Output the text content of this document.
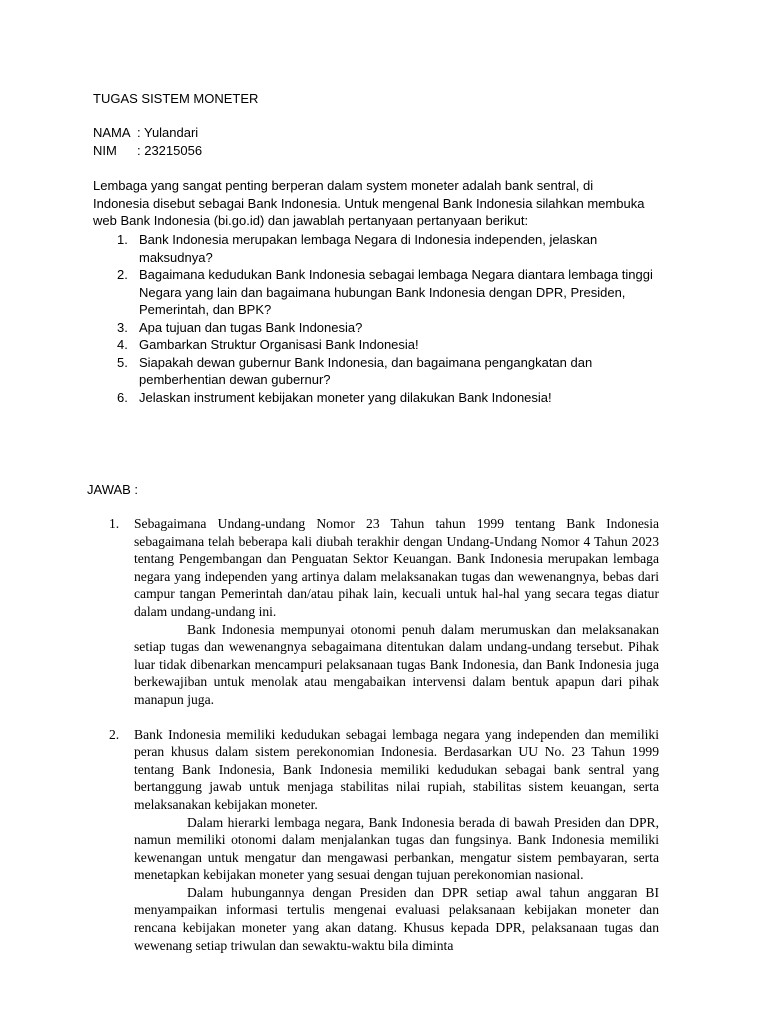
TUGAS SISTEM MONETER
NAMA : Yulandari
NIM	: 23215056

Lembaga yang sangat penting berperan dalam system moneter adalah bank sentral, di Indonesia disebut sebagai Bank Indonesia. Untuk mengenal Bank Indonesia silahkan membuka web Bank Indonesia (bi.go.id) dan jawablah pertanyaan pertanyaan berikut:

1. Bank Indonesia merupakan lembaga Negara di Indonesia independen, jelaskan maksudnya?
2. Bagaimana kedudukan Bank Indonesia sebagai lembaga Negara diantara lembaga tinggi Negara yang lain dan bagaimana hubungan Bank Indonesia dengan DPR, Presiden, Pemerintah, dan BPK?
3. Apa tujuan dan tugas Bank Indonesia?
4. Gambarkan Struktur Organisasi Bank Indonesia!
5. Siapakah dewan gubernur Bank Indonesia, dan bagaimana pengangkatan dan pemberhentian dewan gubernur?
6. Jelaskan instrument kebijakan moneter yang dilakukan Bank Indonesia!
JAWAB :
1.	Sebagaimana Undang-undang Nomor 23 Tahun tahun 1999 tentang Bank Indonesia sebagaimana telah beberapa kali diubah terakhir dengan Undang-Undang Nomor 4 Tahun 2023 tentang Pengembangan dan Penguatan Sektor Keuangan. Bank Indonesia merupakan lembaga negara yang independen yang artinya dalam melaksanakan tugas dan wewenangnya, bebas dari campur tangan Pemerintah dan/atau pihak lain, kecuali untuk hal-hal yang secara tegas diatur dalam undang-undang ini.

Bank Indonesia mempunyai otonomi penuh dalam merumuskan dan melaksanakan setiap tugas dan wewenangnya sebagaimana ditentukan dalam undang-undang tersebut. Pihak luar tidak dibenarkan mencampuri pelaksanaan tugas Bank Indonesia, dan Bank Indonesia juga berkewajiban untuk menolak atau mengabaikan intervensi dalam bentuk apapun dari pihak manapun juga.

2.	Bank Indonesia memiliki kedudukan sebagai lembaga negara yang independen dan memiliki peran khusus dalam sistem perekonomian Indonesia. Berdasarkan UU No. 23 Tahun 1999 tentang Bank Indonesia, Bank Indonesia memiliki kedudukan sebagai bank sentral yang bertanggung jawab untuk menjaga stabilitas nilai rupiah, stabilitas sistem keuangan, serta melaksanakan kebijakan moneter.

Dalam hierarki lembaga negara, Bank Indonesia berada di bawah Presiden dan DPR, namun memiliki otonomi dalam menjalankan tugas dan fungsinya. Bank Indonesia memiliki kewenangan untuk mengatur dan mengawasi perbankan, mengatur sistem pembayaran, serta menetapkan kebijakan moneter yang sesuai dengan tujuan perekonomian nasional.

Dalam hubungannya dengan Presiden dan DPR setiap awal tahun anggaran BI menyampaikan informasi tertulis mengenai evaluasi pelaksanaan kebijakan moneter dan rencana kebijakan moneter yang akan datang. Khusus kepada DPR, pelaksanaan tugas dan wewenang setiap triwulan dan sewaktu-waktu bila diminta
